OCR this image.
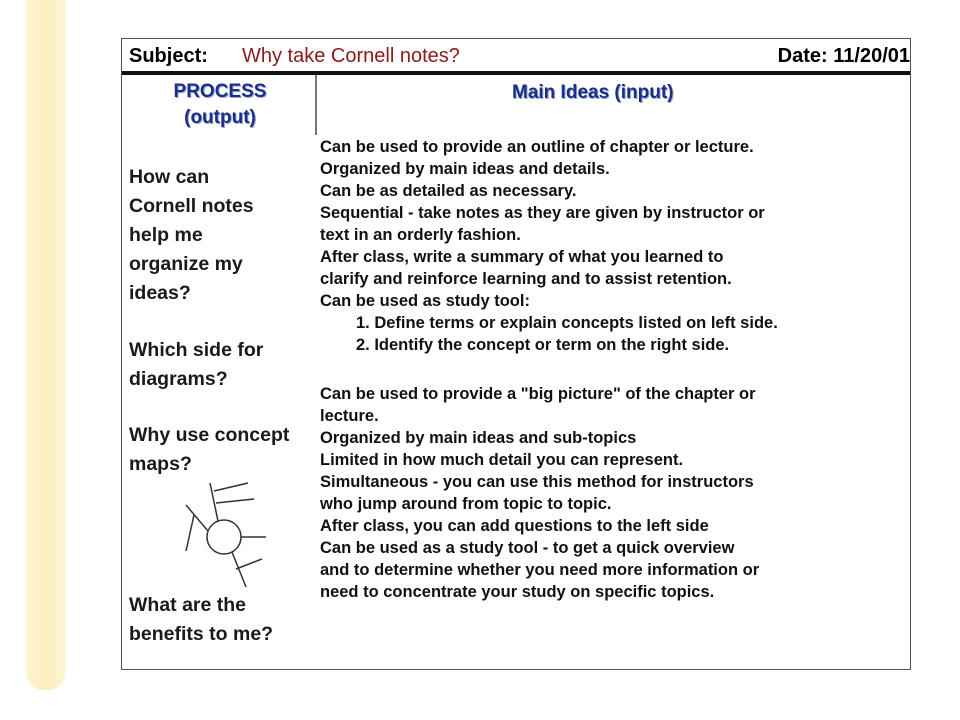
Subject: Why take Cornell notes?	Date: 11/20/01
PROCESS
(output)
Main Ideas (input)
How can Cornell notes help me organize my ideas?
Which side for diagrams?
Why use concept maps?
What are the benefits to me?
Can be used to provide an outline of chapter or lecture.
Organized by main ideas and details.
Can be as detailed as necessary.
Sequential - take notes as they are given by instructor or
text in an orderly fashion.
After class, write a summary of what you learned to
clarify and reinforce learning and to assist retention.
Can be used as study tool:
1. Define terms or explain concepts listed on left side.
2. Identify the concept or term on the right side.
Can be used to provide a "big picture" of the chapter or
lecture.
Organized by main ideas and sub-topics
Limited in how much detail you can represent.
Simultaneous - you can use this method for instructors
who jump around from topic to topic.
After class, you can add questions to the left side
Can be used as a study tool - to get a quick overview
and to determine whether you need more information or
need to concentrate your study on specific topics.
